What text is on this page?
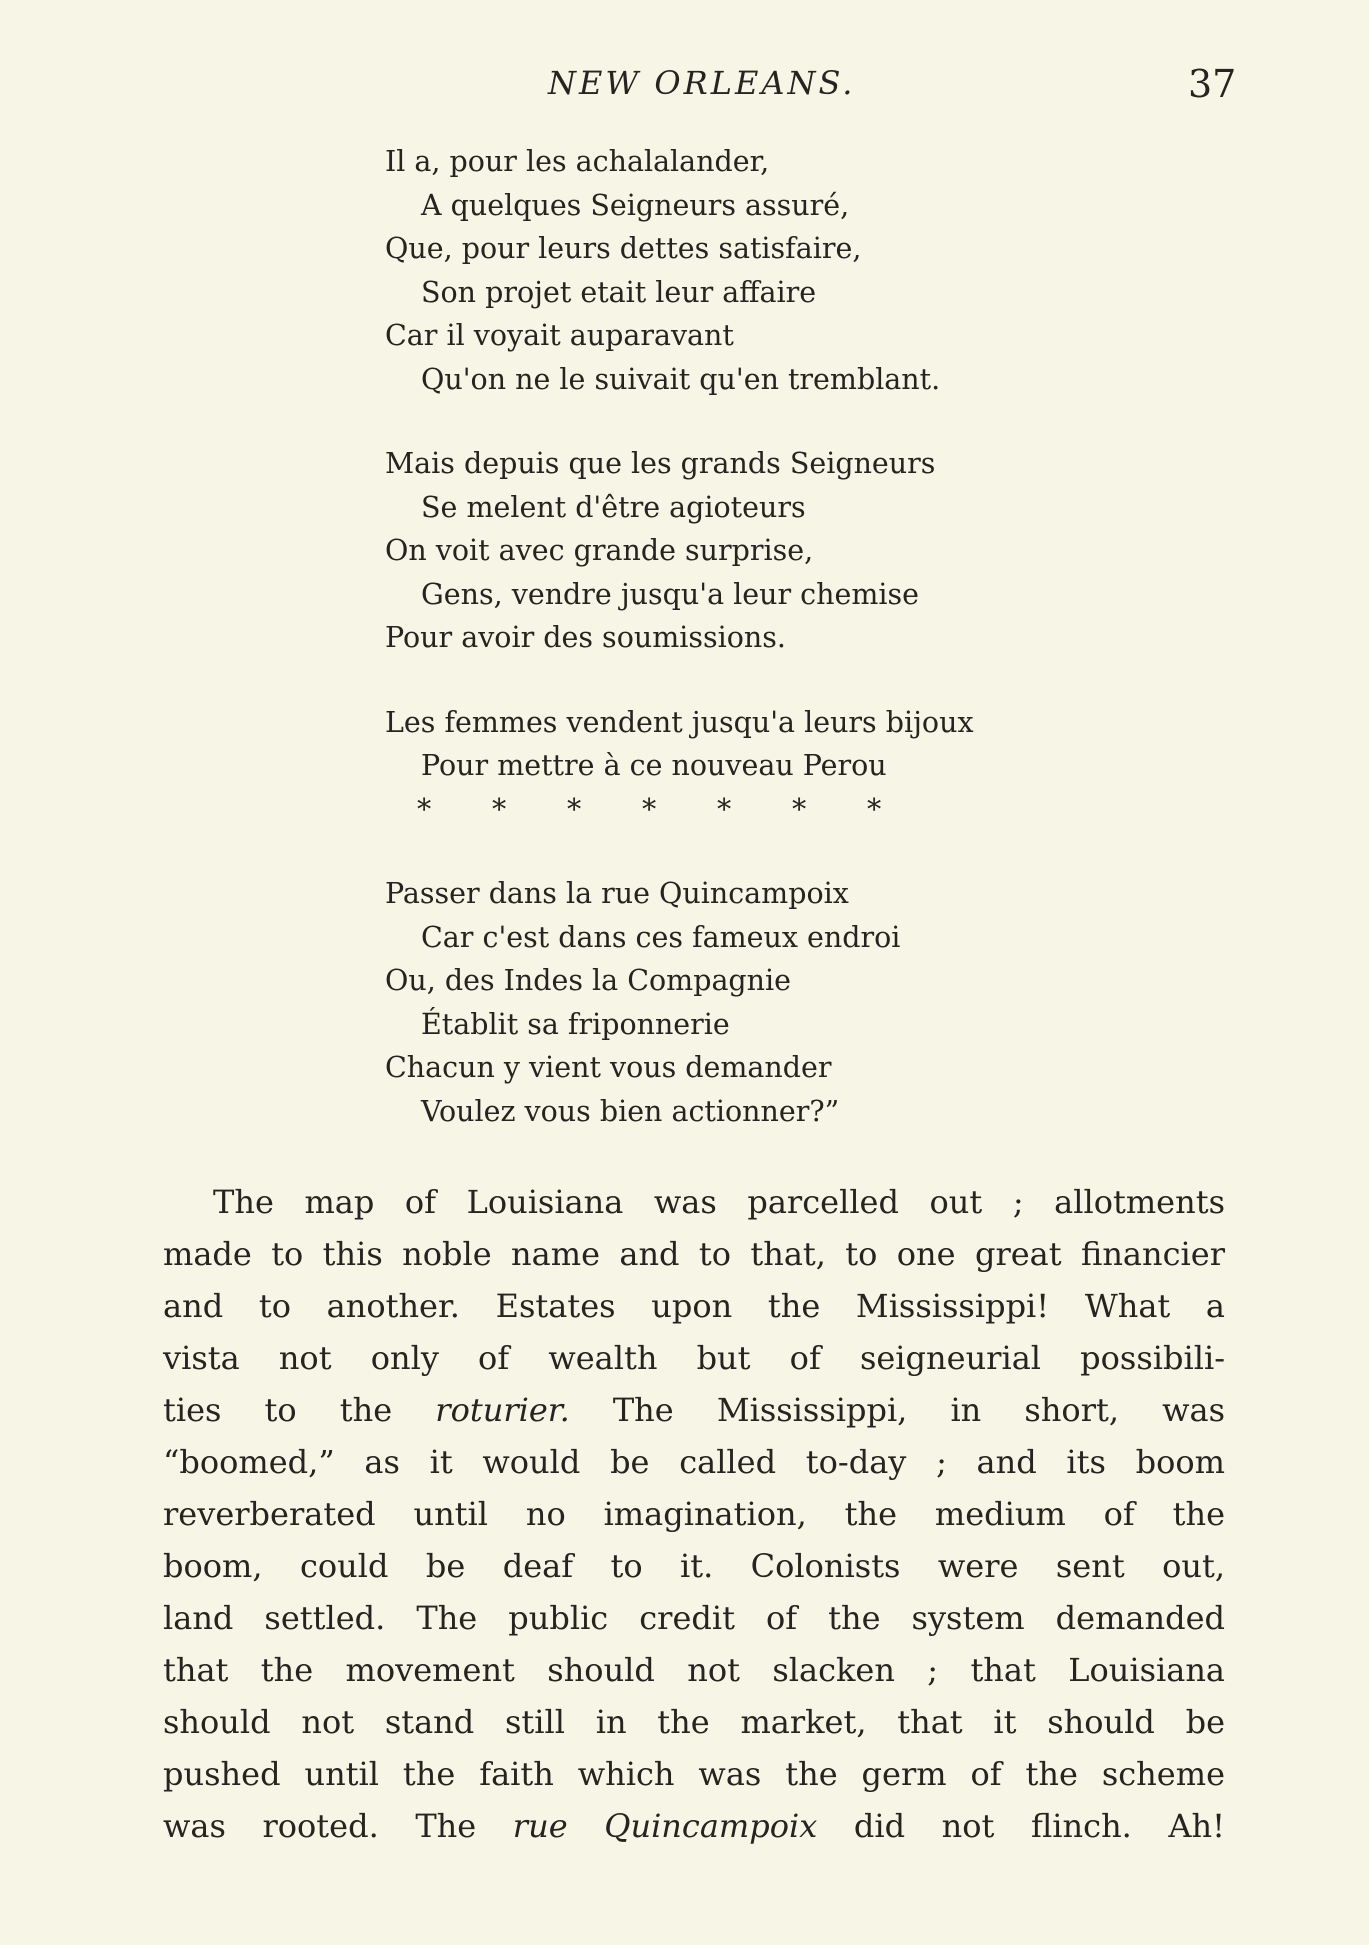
NEW ORLEANS.	37
Il a, pour les achalalander,
A quelques Seigneurs assuré,
Que, pour leurs dettes satisfaire,
Son projet etait leur affaire
Car il voyait auparavant
Qu'on ne le suivait qu'en tremblant.
Mais depuis que les grands Seigneurs
Se melent d'être agioteurs
On voit avec grande surprise,
Gens, vendre jusqu'a leur chemise
Pour avoir des soumissions.
Les femmes vendent jusqu'a leurs bijoux
Pour mettre à ce nouveau Perou
* * * * * * *
Passer dans la rue Quincampoix
Car c'est dans ces fameux endroi
Ou, des Indes la Compagnie
Établit sa friponnerie
Chacun y vient vous demander
Voulez vous bien actionner?”
The map of Louisiana was parcelled out ; allotments
made to this noble name and to that, to one great financier
and to another. Estates upon the Mississippi! What a
vista not only of wealth but of seigneurial possibili-
ties to the roturier. The Mississippi, in short, was
“boomed,” as it would be called to-day ; and its boom
reverberated until no imagination, the medium of the
boom, could be deaf to it. Colonists were sent out,
land settled. The public credit of the system demanded
that the movement should not slacken ; that Louisiana
should not stand still in the market, that it should be
pushed until the faith which was the germ of the scheme
was rooted. The rue Quincampoix did not flinch. Ah!
